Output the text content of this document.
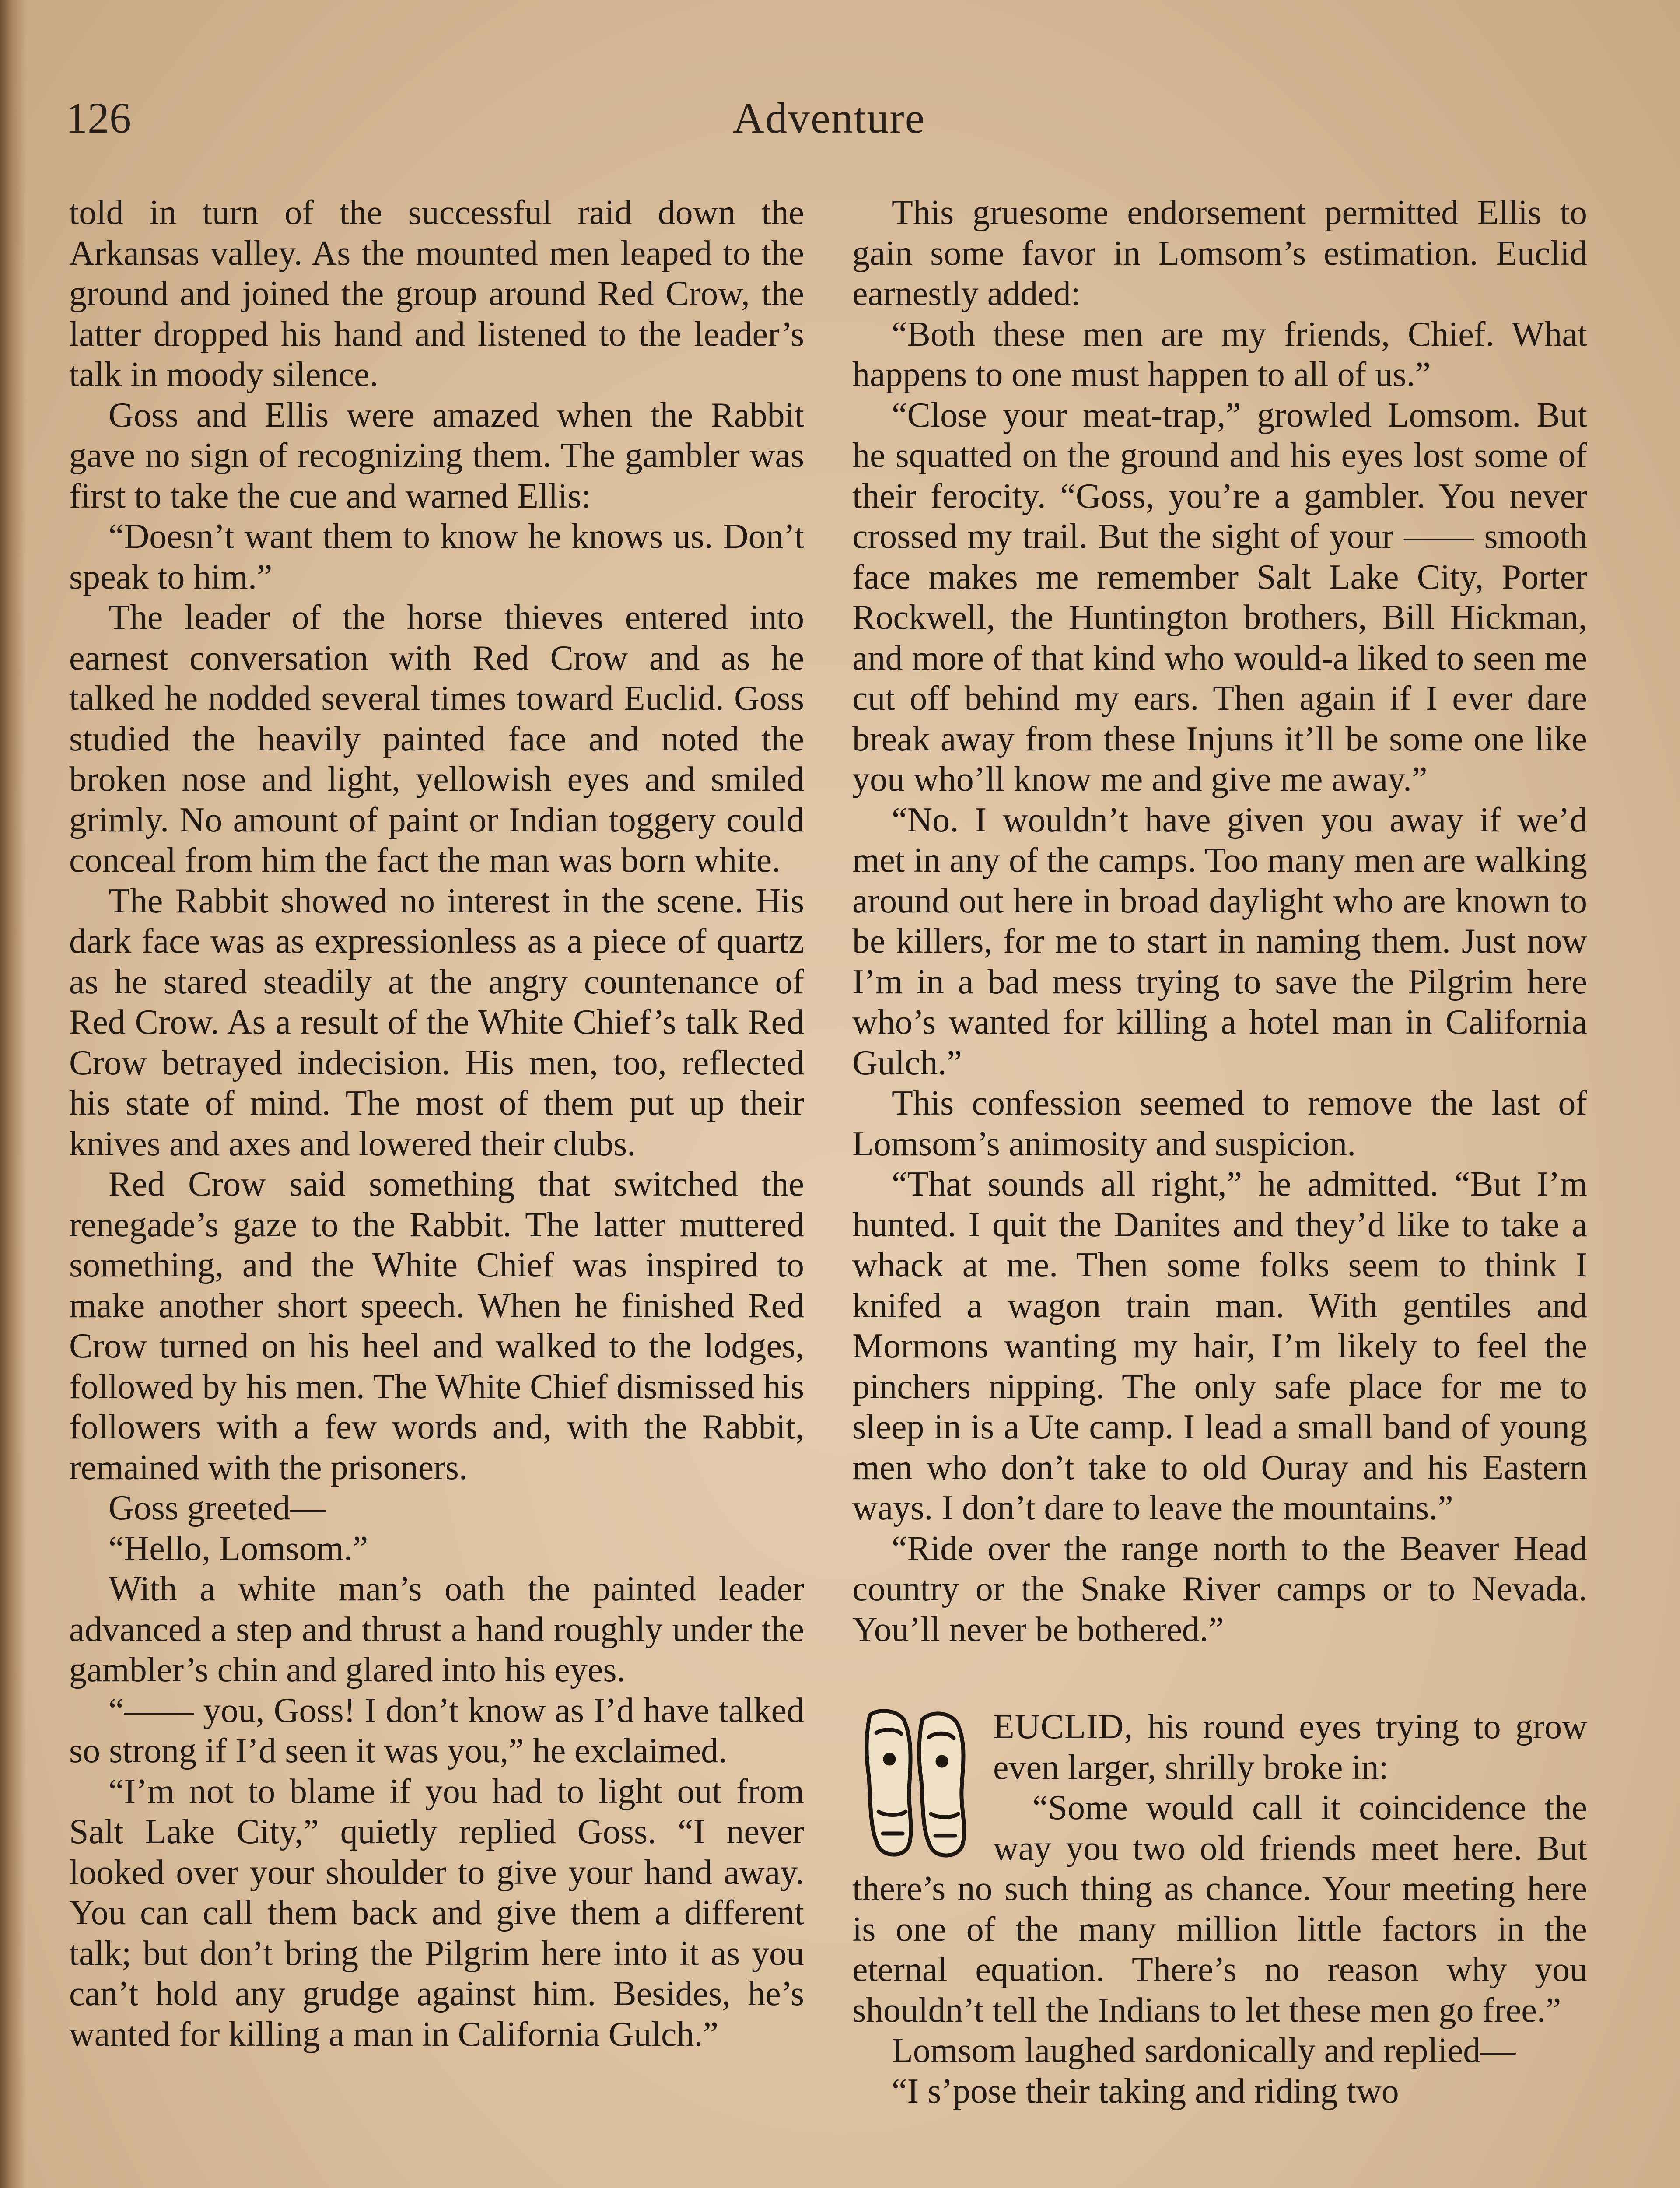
126	Adventure

told in turn of the successful raid down the Arkansas valley. As the mounted men leaped to the ground and joined the group around Red Crow, the latter dropped his hand and listened to the leader’s talk in moody silence.

Goss and Ellis were amazed when the Rabbit gave no sign of recognizing them. The gambler was first to take the cue and warned Ellis:

“Doesn’t want them to know he knows us. Don’t speak to him.”

The leader of the horse thieves entered into earnest conversation with Red Crow and as he talked he nodded several times toward Euclid. Goss studied the heavily painted face and noted the broken nose and light, yellowish eyes and smiled grimly. No amount of paint or Indian toggery could conceal from him the fact the man was born white.

The Rabbit showed no interest in the scene. His dark face was as expressionless as a piece of quartz as he stared steadily at the angry countenance of Red Crow. As a result of the White Chief’s talk Red Crow betrayed indecision. His men, too, reflected his state of mind. The most of them put up their knives and axes and lowered their clubs.

Red Crow said something that switched the renegade’s gaze to the Rabbit. The latter muttered something, and the White Chief was inspired to make another short speech. When he finished Red Crow turned on his heel and walked to the lodges, followed by his men. The White Chief dismissed his followers with a few words and, with the Rabbit, remained with the prisoners.

Goss greeted—

“Hello, Lomsom.”

With a white man’s oath the painted leader advanced a step and thrust a hand roughly under the gambler’s chin and glared into his eyes.

“—— you, Goss! I don’t know as I’d have talked so strong if I’d seen it was you,” he exclaimed.

“I’m not to blame if you had to light out from Salt Lake City,” quietly replied Goss. “I never looked over your shoulder to give your hand away. You can call them back and give them a different talk; but don’t bring the Pilgrim here into it as you can’t hold any grudge against him. Besides, he’s wanted for killing a man in California Gulch.”

This gruesome endorsement permitted Ellis to gain some favor in Lomsom’s estimation. Euclid earnestly added:

“Both these men are my friends, Chief. What happens to one must happen to all of us.”

“Close your meat-trap,” growled Lomsom. But he squatted on the ground and his eyes lost some of their ferocity. “Goss, you’re a gambler. You never crossed my trail. But the sight of your —— smooth face makes me remember Salt Lake City, Porter Rockwell, the Huntington brothers, Bill Hickman, and more of that kind who would-a liked to seen me cut off behind my ears. Then again if I ever dare break away from these Injuns it’ll be some one like you who’ll know me and give me away.”

“No. I wouldn’t have given you away if we’d met in any of the camps. Too many men are walking around out here in broad daylight who are known to be killers, for me to start in naming them. Just now I’m in a bad mess trying to save the Pilgrim here who’s wanted for killing a hotel man in California Gulch.”

This confession seemed to remove the last of Lomsom’s animosity and suspicion.

“That sounds all right,” he admitted. “But I’m hunted. I quit the Danites and they’d like to take a whack at me. Then some folks seem to think I knifed a wagon train man. With gentiles and Mormons wanting my hair, I’m likely to feel the pinchers nipping. The only safe place for me to sleep in is a Ute camp. I lead a small band of young men who don’t take to old Ouray and his Eastern ways. I don’t dare to leave the mountains.”

“Ride over the range north to the Beaver Head country or the Snake River camps or to Nevada. You’ll never be bothered.”

EUCLID, his round eyes trying to grow even larger, shrilly broke in:

“Some would call it coincidence the way you two old friends meet here. But there’s no such thing as chance. Your meeting here is one of the many million little factors in the eternal equation. There’s no reason why you shouldn’t tell the Indians to let these men go free.”

Lomsom laughed sardonically and replied—

“I s’pose their taking and riding two
